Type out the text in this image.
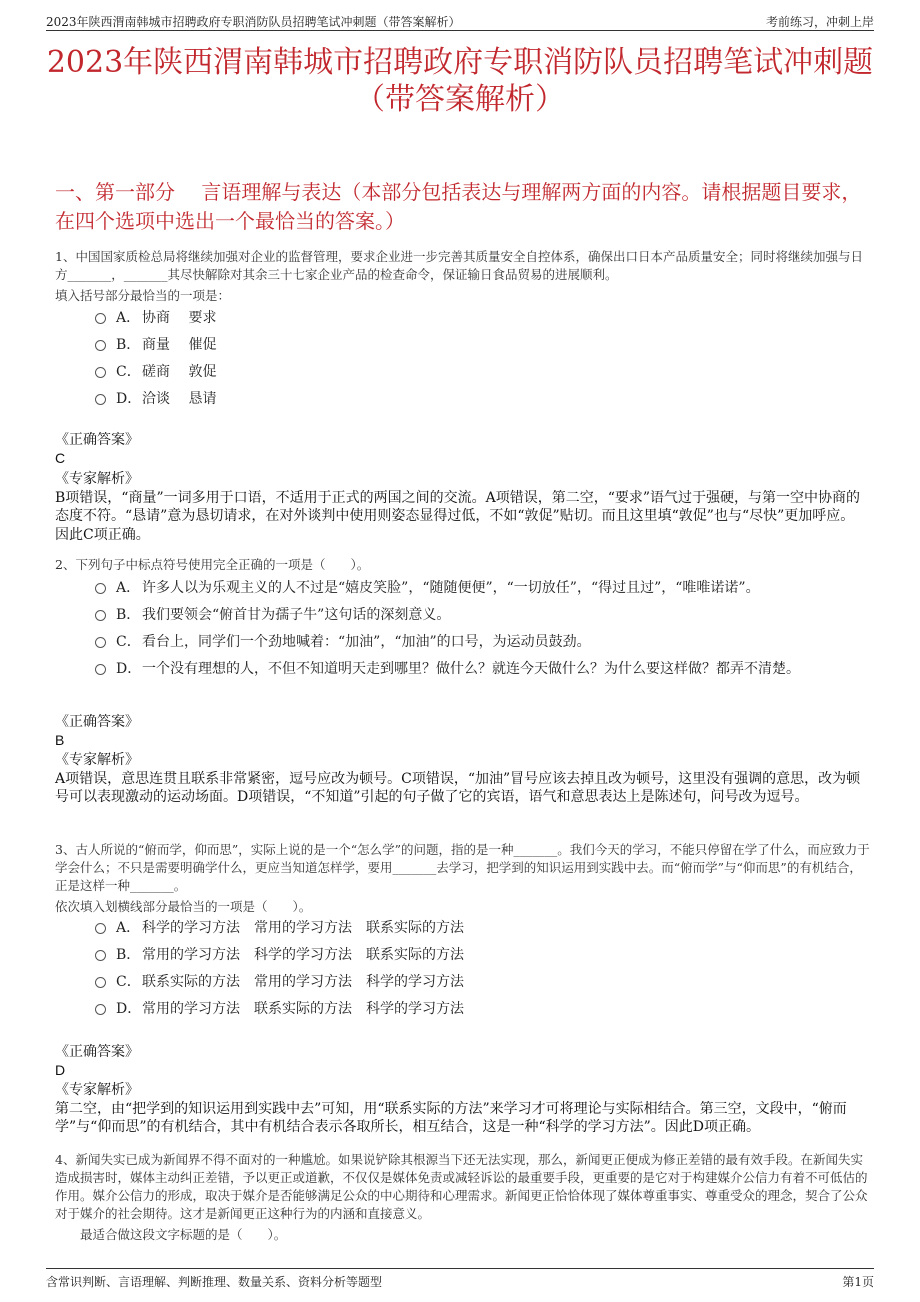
2023年陕西渭南韩城市招聘政府专职消防队员招聘笔试冲刺题（带答案解析）	考前练习，冲刺上岸
2023年陕西渭南韩城市招聘政府专职消防队员招聘笔试冲刺题
（带答案解析）
一、第一部分　 言语理解与表达（本部分包括表达与理解两方面的内容。请根据题目要求，在四个选项中选出一个最恰当的答案。）
1、中国国家质检总局将继续加强对企业的监督管理，要求企业进一步完善其质量安全自控体系，确保出口日本产品质量安全；同时将继续加强与日方_______，_______其尽快解除对其余三十七家企业产品的检查命令，保证输日食品贸易的进展顺利。
填入括号部分最恰当的一项是：
A． 协商　 要求
B． 商量　 催促
C．磋商　 敦促
D．洽谈　 恳请
《正确答案》
C
《专家解析》
B项错误，“商量”一词多用于口语，不适用于正式的两国之间的交流。A项错误，第二空，“要求”语气过于强硬，与第一空中协商的态度不符。“恳请”意为恳切请求，在对外谈判中使用则姿态显得过低，不如“敦促”贴切。而且这里填“敦促”也与“尽快”更加呼应。因此C项正确。
2、下列句子中标点符号使用完全正确的一项是（　　）。
A． 许多人以为乐观主义的人不过是“嬉皮笑脸”，“随随便便”，“一切放任”，“得过且过”，“唯唯诺诺”。
B． 我们要领会“俯首甘为孺子牛”这句话的深刻意义。
C．看台上，同学们一个劲地喊着：“加油”，“加油”的口号，为运动员鼓劲。
D．一个没有理想的人，不但不知道明天走到哪里？做什么？就连今天做什么？为什么要这样做？都弄不清楚。
《正确答案》
B
《专家解析》
A项错误，意思连贯且联系非常紧密，逗号应改为顿号。C项错误，“加油”冒号应该去掉且改为顿号，这里没有强调的意思，改为顿号可以表现激动的运动场面。D项错误，“不知道”引起的句子做了它的宾语，语气和意思表达上是陈述句，问号改为逗号。
3、古人所说的“俯而学，仰而思”，实际上说的是一个“怎么学”的问题，指的是一种_______。我们今天的学习，不能只停留在学了什么，而应致力于学会什么；不只是需要明确学什么，更应当知道怎样学，要用_______去学习，把学到的知识运用到实践中去。而“俯而学”与“仰而思”的有机结合，正是这样一种_______。
依次填入划横线部分最恰当的一项是（　　）。
A． 科学的学习方法　常用的学习方法　联系实际的方法
B． 常用的学习方法　科学的学习方法　联系实际的方法
C．联系实际的方法　常用的学习方法　科学的学习方法
D．常用的学习方法　联系实际的方法　科学的学习方法
《正确答案》
D
《专家解析》
第二空，由“把学到的知识运用到实践中去”可知，用“联系实际的方法”来学习才可将理论与实际相结合。第三空，文段中，“俯而学”与“仰而思”的有机结合，其中有机结合表示各取所长，相互结合，这是一种“科学的学习方法”。因此D项正确。
4、新闻失实已成为新闻界不得不面对的一种尴尬。如果说铲除其根源当下还无法实现，那么，新闻更正便成为修正差错的最有效手段。在新闻失实造成损害时，媒体主动纠正差错，予以更正或道歉，不仅仅是媒体免责或减轻诉讼的最重要手段，更重要的是它对于构建媒介公信力有着不可低估的作用。媒介公信力的形成，取决于媒介是否能够满足公众的中心期待和心理需求。新闻更正恰恰体现了媒体尊重事实、尊重受众的理念，契合了公众对于媒介的社会期待。这才是新闻更正这种行为的内涵和直接意义。
　　最适合做这段文字标题的是（　　）。
含常识判断、言语理解、判断推理、数量关系、资料分析等题型	第1页
